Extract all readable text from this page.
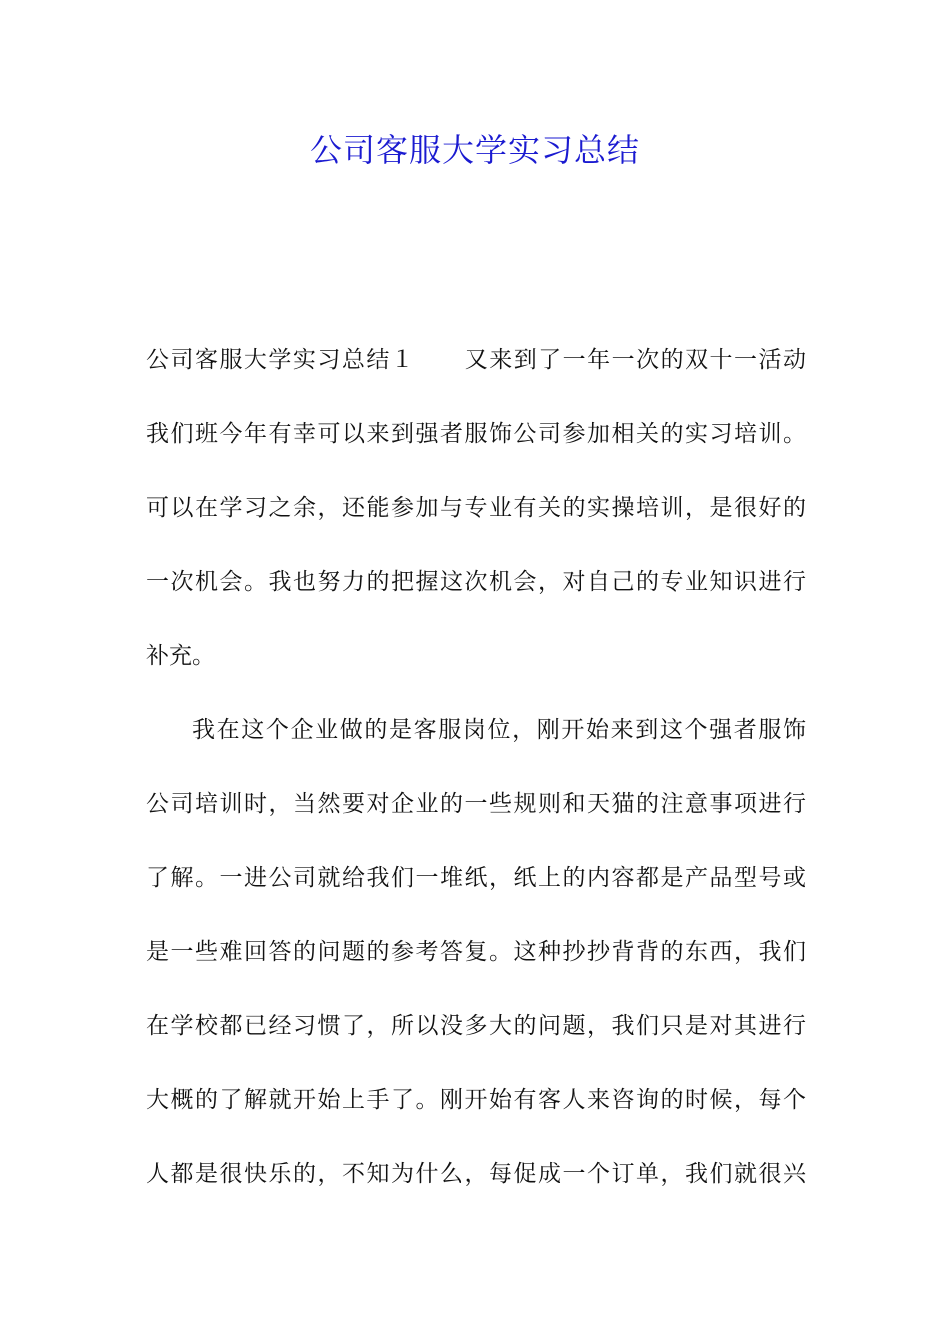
公司客服大学实习总结
公司客服大学实习总结１ 又来到了一年一次的双十一活动
我们班今年有幸可以来到强者服饰公司参加相关的实习培训。
可以在学习之余，还能参加与专业有关的实操培训，是很好的
一次机会。我也努力的把握这次机会，对自己的专业知识进行
补充。
我在这个企业做的是客服岗位，刚开始来到这个强者服饰
公司培训时，当然要对企业的一些规则和天猫的注意事项进行
了解。一进公司就给我们一堆纸，纸上的内容都是产品型号或
是一些难回答的问题的参考答复。这种抄抄背背的东西，我们
在学校都已经习惯了，所以没多大的问题，我们只是对其进行
大概的了解就开始上手了。刚开始有客人来咨询的时候，每个
人都是很快乐的，不知为什么，每促成一个订单，我们就很兴
